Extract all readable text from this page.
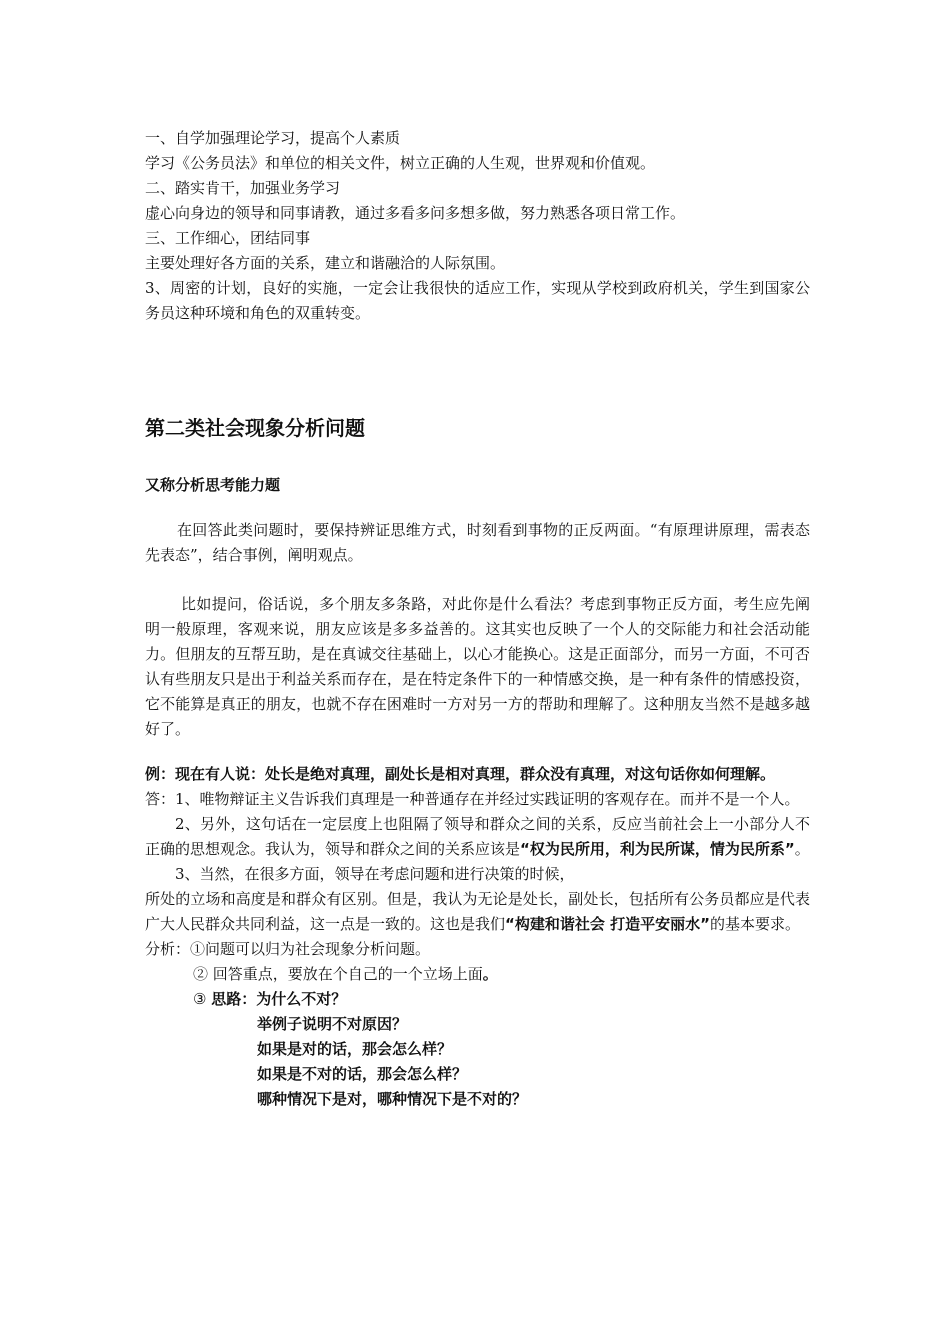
一、自学加强理论学习，提高个人素质
学习《公务员法》和单位的相关文件，树立正确的人生观，世界观和价值观。
二、踏实肯干，加强业务学习
虚心向身边的领导和同事请教，通过多看多问多想多做，努力熟悉各项日常工作。
三、工作细心，团结同事
主要处理好各方面的关系，建立和谐融洽的人际氛围。
3、周密的计划，良好的实施，一定会让我很快的适应工作，实现从学校到政府机关，学生到国家公务员这种环境和角色的双重转变。
第二类社会现象分析问题
又称分析思考能力题
在回答此类问题时，要保持辨证思维方式，时刻看到事物的正反两面。“有原理讲原理，需表态先表态”，结合事例，阐明观点。
比如提问，俗话说，多个朋友多条路，对此你是什么看法？考虑到事物正反方面，考生应先阐明一般原理，客观来说，朋友应该是多多益善的。这其实也反映了一个人的交际能力和社会活动能力。但朋友的互帮互助，是在真诚交往基础上，以心才能换心。这是正面部分，而另一方面，不可否认有些朋友只是出于利益关系而存在，是在特定条件下的一种情感交换，是一种有条件的情感投资，它不能算是真正的朋友，也就不存在困难时一方对另一方的帮助和理解了。这种朋友当然不是越多越好了。
例：现在有人说：处长是绝对真理，副处长是相对真理，群众没有真理，对这句话你如何理解。
答：1、唯物辩证主义告诉我们真理是一种普通存在并经过实践证明的客观存在。而并不是一个人。
2、另外，这句话在一定层度上也阻隔了领导和群众之间的关系，反应当前社会上一小部分人不正确的思想观念。我认为，领导和群众之间的关系应该是“权为民所用，利为民所谋，情为民所系”。
3、当然，在很多方面，领导在考虑问题和进行决策的时候，
所处的立场和高度是和群众有区别。但是，我认为无论是处长，副处长，包括所有公务员都应是代表广大人民群众共同利益，这一点是一致的。这也是我们“构建和谐社会 打造平安丽水”的基本要求。
分析：①问题可以归为社会现象分析问题。
② 回答重点，要放在个自己的一个立场上面。
③ 思路：为什么不对？
举例子说明不对原因？
如果是对的话，那会怎么样？
如果是不对的话，那会怎么样？
哪种情况下是对，哪种情况下是不对的？
